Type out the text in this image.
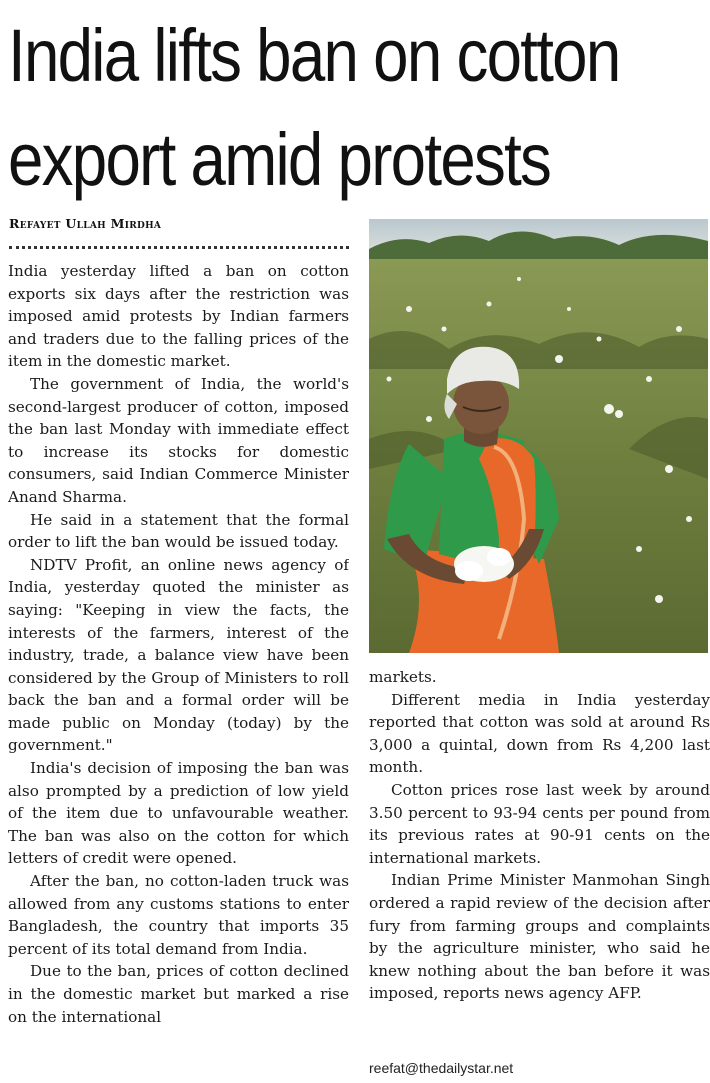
India lifts ban on cotton
export amid protests
Refayet Ullah Mirdha

India yesterday lifted a ban on cotton exports six days after the restriction was imposed amid protests by Indian farmers and traders due to the falling prices of the item in the domestic market.

The government of India, the world's second-largest producer of cotton, imposed the ban last Monday with immediate effect to increase its stocks for domestic consumers, said Indian Commerce Minister Anand Sharma.

He said in a statement that the formal order to lift the ban would be issued today.

NDTV Profit, an online news agency of India, yesterday quoted the minister as saying: "Keeping in view the facts, the interests of the farmers, interest of the industry, trade, a balance view have been considered by the Group of Ministers to roll back the ban and a formal order will be made public on Monday (today) by the government."

India's decision of imposing the ban was also prompted by a prediction of low yield of the item due to unfavourable weather. The ban was also on the cotton for which letters of credit were opened.

After the ban, no cotton-laden truck was allowed from any customs stations to enter Bangladesh, the country that imports 35 percent of its total demand from India.

Due to the ban, prices of cotton declined in the domestic market but marked a rise on the international

markets.

Different media in India yesterday reported that cotton was sold at around Rs 3,000 a quintal, down from Rs 4,200 last month.

Cotton prices rose last week by around 3.50 percent to 93-94 cents per pound from its previous rates at 90-91 cents on the international markets.

Indian Prime Minister Manmohan Singh ordered a rapid review of the decision after fury from farming groups and complaints by the agriculture minister, who said he knew nothing about the ban before it was imposed, reports news agency AFP.

reefat@thedailystar.net
